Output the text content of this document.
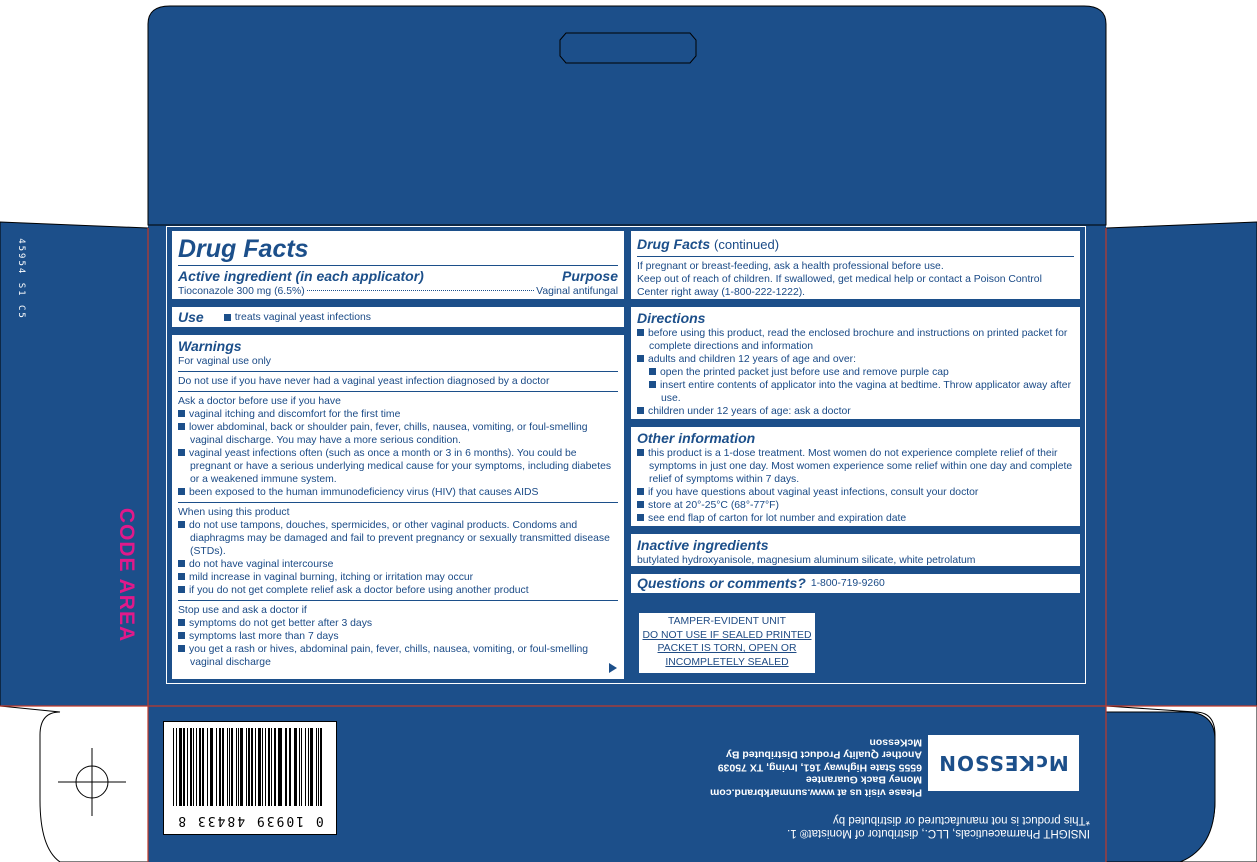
45954 S1 C5
CODE AREA
Drug Facts
Active ingredient (in each applicator)	Purpose
Tioconazole 300 mg (6.5%)	Vaginal antifungal
Use	treats vaginal yeast infections
Warnings
For vaginal use only
Do not use if you have never had a vaginal yeast infection diagnosed by a doctor
Ask a doctor before use if you have
vaginal itching and discomfort for the first time
lower abdominal, back or shoulder pain, fever, chills, nausea, vomiting, or foul-smelling vaginal discharge. You may have a more serious condition.
vaginal yeast infections often (such as once a month or 3 in 6 months). You could be pregnant or have a serious underlying medical cause for your symptoms, including diabetes or a weakened immune system.
been exposed to the human immunodeficiency virus (HIV) that causes AIDS
When using this product
do not use tampons, douches, spermicides, or other vaginal products. Condoms and diaphragms may be damaged and fail to prevent pregnancy or sexually transmitted disease (STDs).
do not have vaginal intercourse
mild increase in vaginal burning, itching or irritation may occur
if you do not get complete relief ask a doctor before using another product
Stop use and ask a doctor if
symptoms do not get better after 3 days
symptoms last more than 7 days
you get a rash or hives, abdominal pain, fever, chills, nausea, vomiting, or foul-smelling vaginal discharge
Drug Facts (continued)
If pregnant or breast-feeding, ask a health professional before use.
Keep out of reach of children. If swallowed, get medical help or contact a Poison Control Center right away (1-800-222-1222).
Directions
before using this product, read the enclosed brochure and instructions on printed packet for complete directions and information
adults and children 12 years of age and over:
open the printed packet just before use and remove purple cap
insert entire contents of applicator into the vagina at bedtime. Throw applicator away after use.
children under 12 years of age: ask a doctor
Other information
this product is a 1-dose treatment. Most women do not experience complete relief of their symptoms in just one day. Most women experience some relief within one day and complete relief of symptoms within 7 days.
if you have questions about vaginal yeast infections, consult your doctor
store at 20°-25°C (68°-77°F)
see end flap of carton for lot number and expiration date
Inactive ingredients
butylated hydroxyanisole, magnesium aluminum silicate, white petrolatum
Questions or comments? 1-800-719-9260
TAMPER-EVIDENT UNIT
DO NOT USE IF SEALED PRINTED
PACKET IS TORN, OPEN OR
INCOMPLETELY SEALED
0 10939 48433 8
McKESSON
Please visit us at www.sunmarkbrand.com
Money Back Guarantee
6555 State Highway 161, Irving, TX 75039
Another Quality Product Distributed By McKesson
INSIGHT Pharmaceuticals, LLC., distributor of Monistat® 1.
*This product is not manufactured or distributed by
